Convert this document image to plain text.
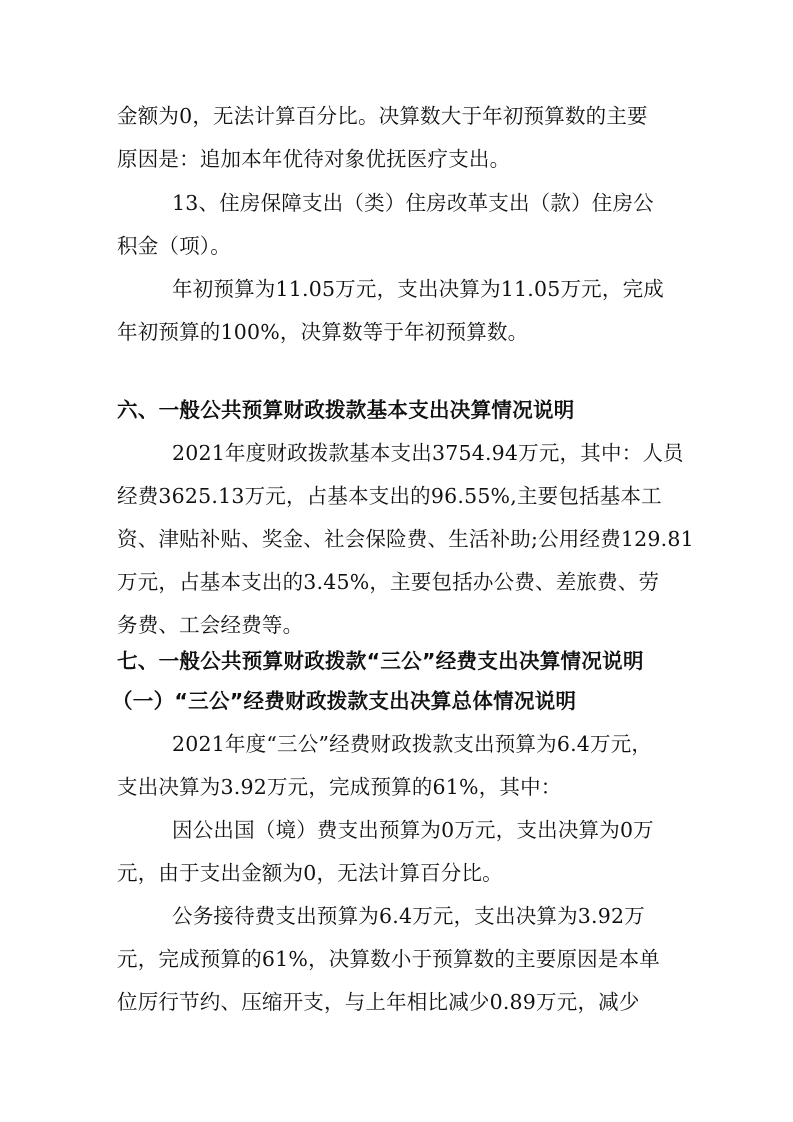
金额为0，无法计算百分比。决算数大于年初预算数的主要
原因是：追加本年优待对象优抚医疗支出。
13、住房保障支出（类）住房改革支出（款）住房公
积金（项）。
年初预算为11.05万元，支出决算为11.05万元，完成
年初预算的100%，决算数等于年初预算数。
六、一般公共预算财政拨款基本支出决算情况说明
2021年度财政拨款基本支出3754.94万元，其中：人员
经费3625.13万元，占基本支出的96.55%,主要包括基本工
资、津贴补贴、奖金、社会保险费、生活补助;公用经费129.81
万元，占基本支出的3.45%，主要包括办公费、差旅费、劳
务费、工会经费等。
七、一般公共预算财政拨款“三公”经费支出决算情况说明
（一）“三公”经费财政拨款支出决算总体情况说明
2021年度“三公”经费财政拨款支出预算为6.4万元，
支出决算为3.92万元，完成预算的61%，其中：
因公出国（境）费支出预算为0万元，支出决算为0万
元，由于支出金额为0，无法计算百分比。
公务接待费支出预算为6.4万元，支出决算为3.92万
元，完成预算的61%，决算数小于预算数的主要原因是本单
位厉行节约、压缩开支，与上年相比减少0.89万元，减少
